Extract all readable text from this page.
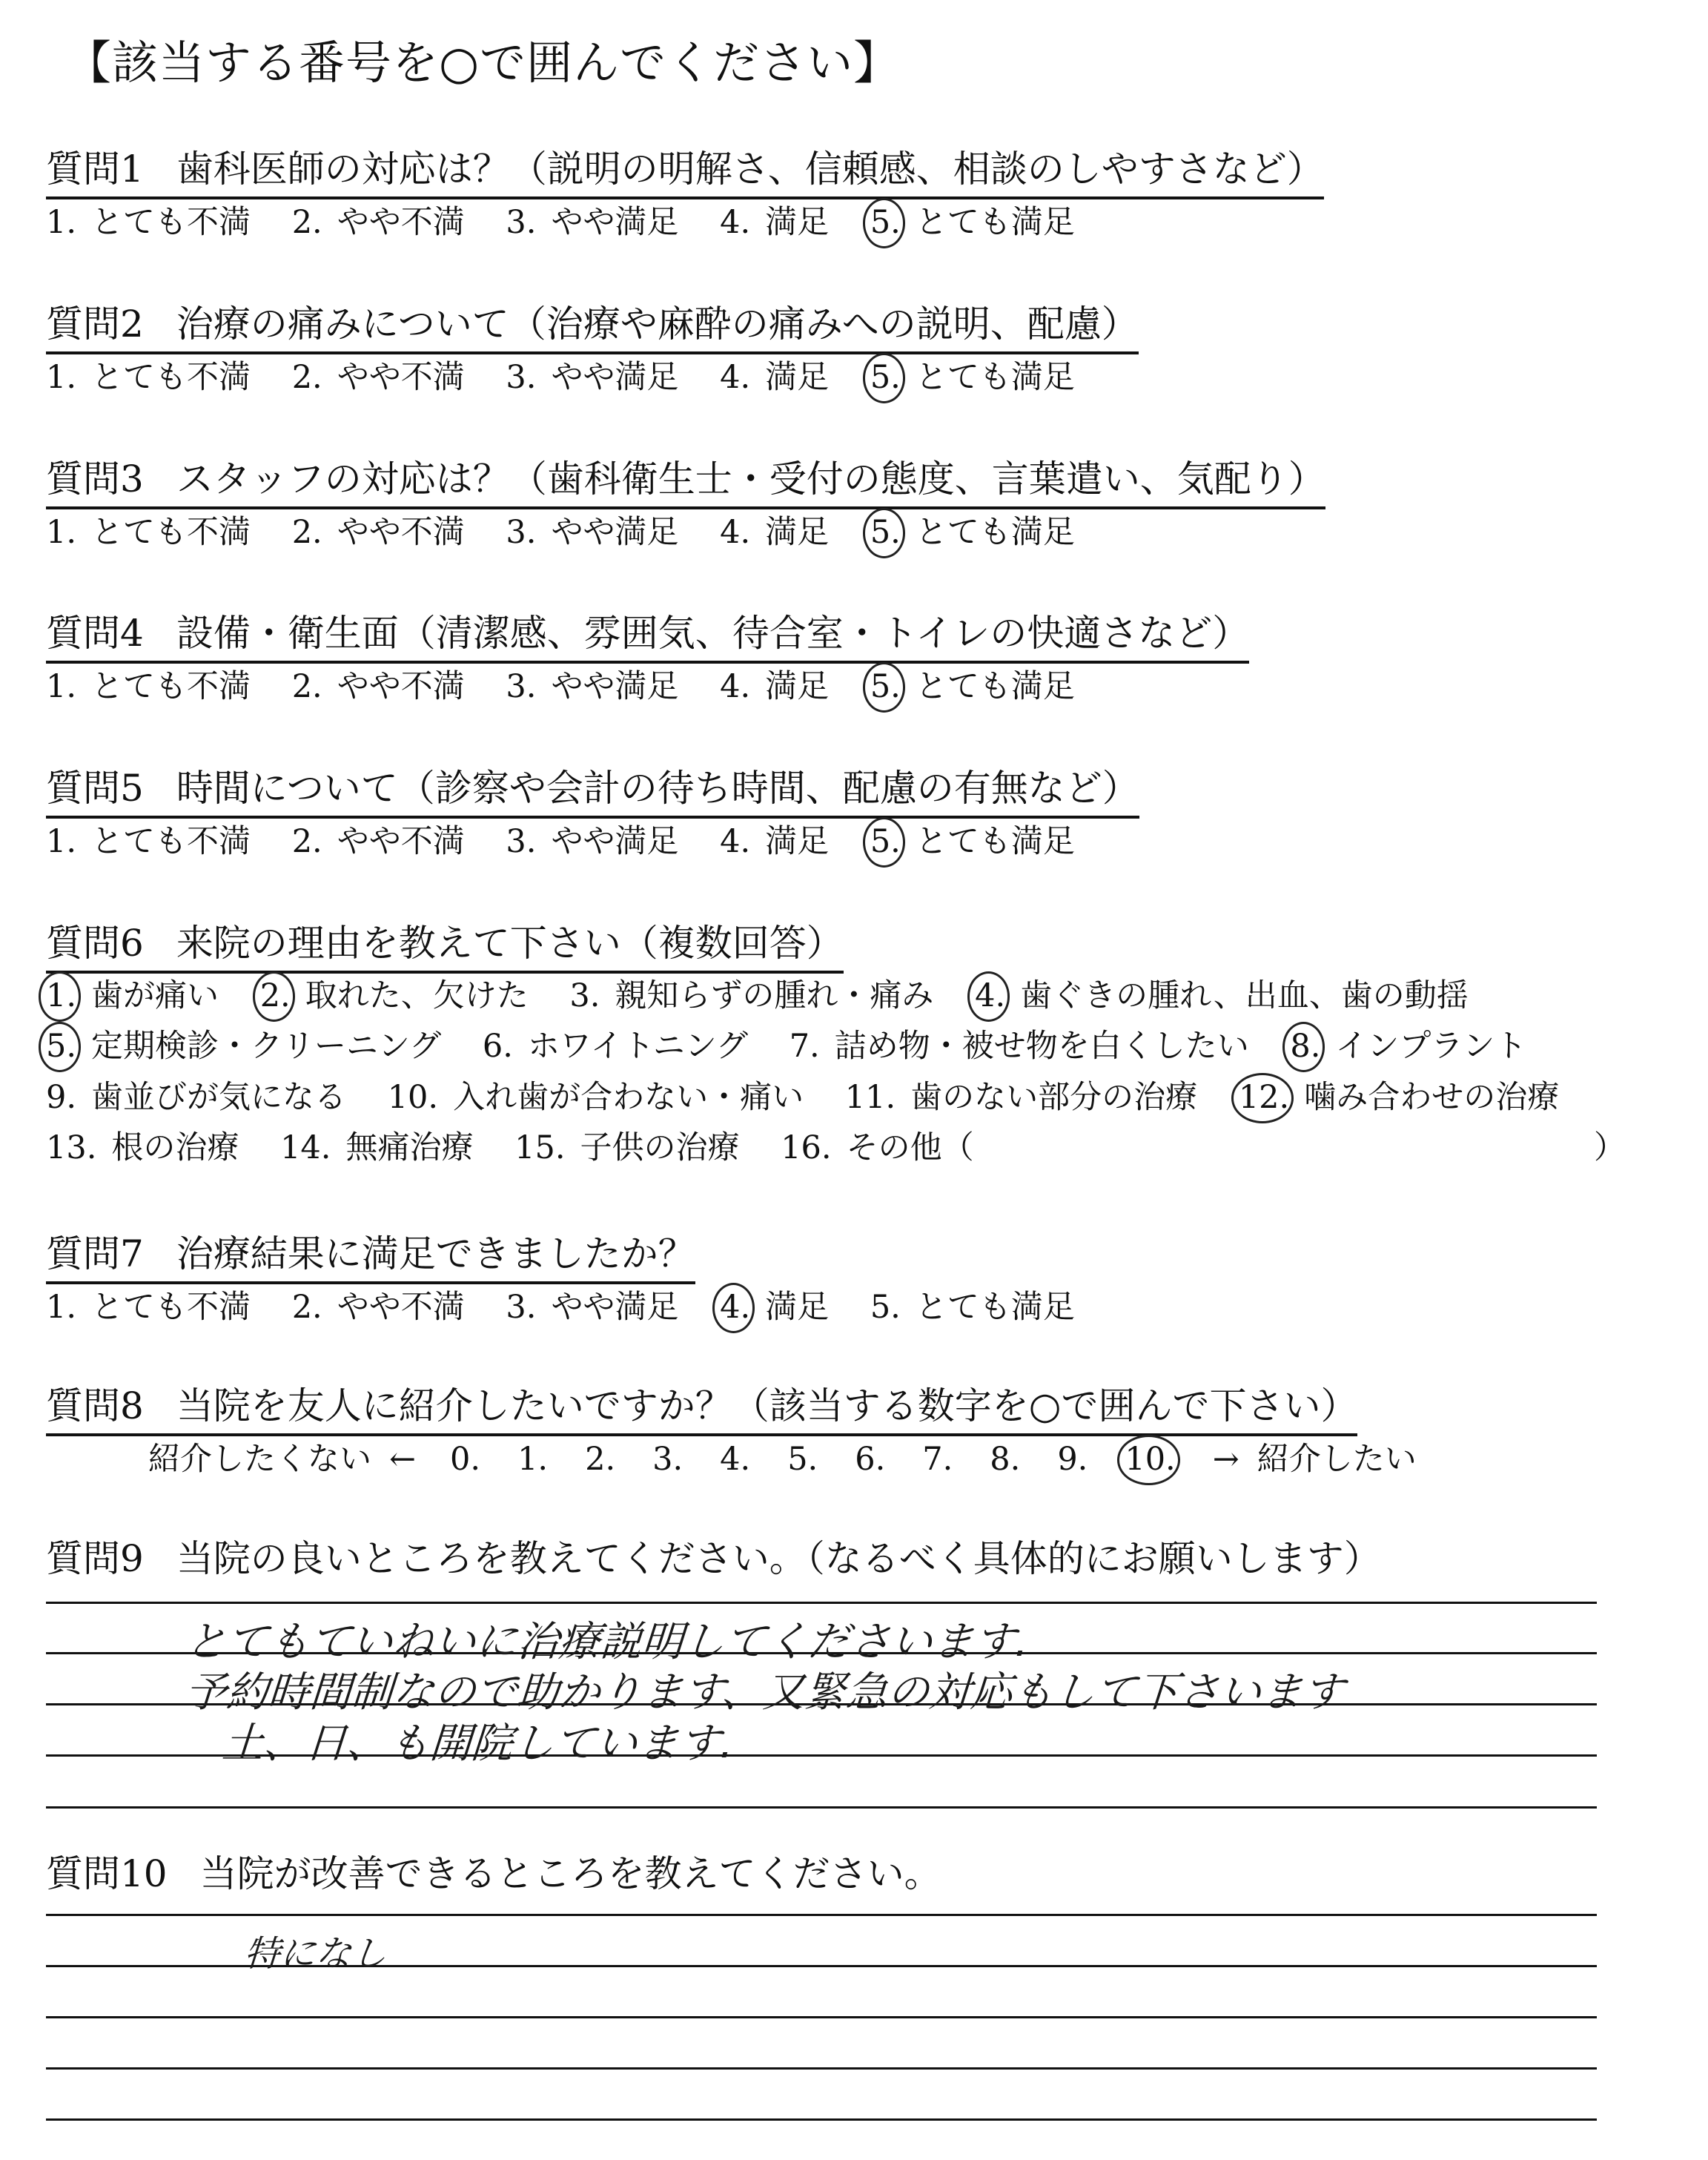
【該当する番号を○で囲んでください】
質問1 歯科医師の対応は？（説明の明解さ、信頼感、相談のしやすさなど）
1. とても不満 2. やや不満 3. やや満足 4. 満足 5. とても満足
質問2 治療の痛みについて（治療や麻酔の痛みへの説明、配慮）
1. とても不満 2. やや不満 3. やや満足 4. 満足 5. とても満足
質問3 スタッフの対応は？（歯科衛生士・受付の態度、言葉遣い、気配り）
1. とても不満 2. やや不満 3. やや満足 4. 満足 5. とても満足
質問4 設備・衛生面（清潔感、雰囲気、待合室・トイレの快適さなど）
1. とても不満 2. やや不満 3. やや満足 4. 満足 5. とても満足
質問5 時間について（診察や会計の待ち時間、配慮の有無など）
1. とても不満 2. やや不満 3. やや満足 4. 満足 5. とても満足
質問6 来院の理由を教えて下さい（複数回答）
1. 歯が痛い 2. 取れた、欠けた 3. 親知らずの腫れ・痛み 4. 歯ぐきの腫れ、出血、歯の動揺
5. 定期検診・クリーニング 6. ホワイトニング 7. 詰め物・被せ物を白くしたい 8. インプラント
9. 歯並びが気になる 10. 入れ歯が合わない・痛い 11. 歯のない部分の治療 12. 噛み合わせの治療
13. 根の治療 14. 無痛治療 15. 子供の治療 16. その他（	）
質問7 治療結果に満足できましたか？
1. とても不満 2. やや不満 3. やや満足 4. 満足 5. とても満足
質問8 当院を友人に紹介したいですか？（該当する数字を○で囲んで下さい）
紹介したくない ← 0. 1. 2. 3. 4. 5. 6. 7. 8. 9. 10. → 紹介したい
質問9 当院の良いところを教えてください。（なるべく具体的にお願いします）
とてもていねいに治療説明してくださいます.
予約時間制なので助かります、又緊急の対応もして下さいます
土、日、も開院しています.
質問10 当院が改善できるところを教えてください。
特になし
